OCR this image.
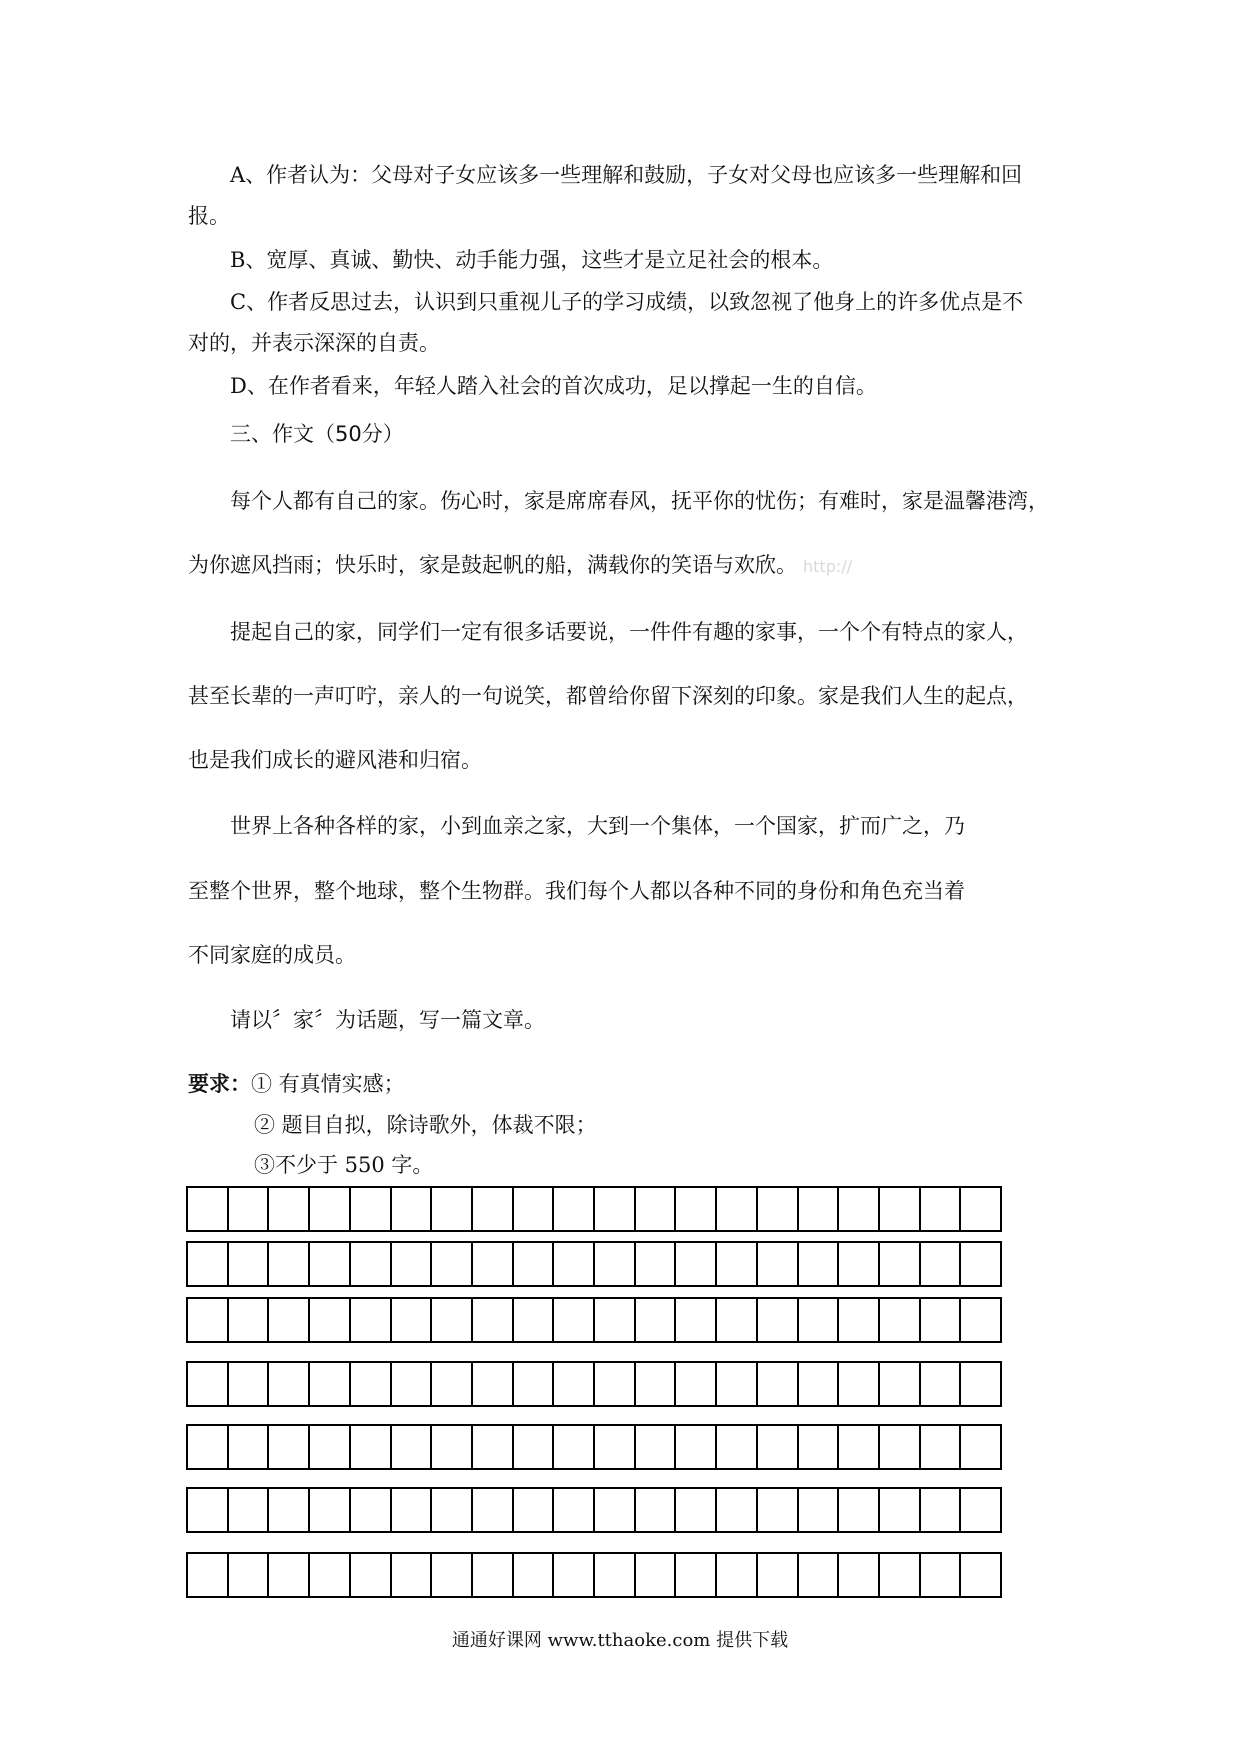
A、作者认为：父母对子女应该多一些理解和鼓励，子女对父母也应该多一些理解和回
报。
B、宽厚、真诚、勤快、动手能力强，这些才是立足社会的根本。
C、作者反思过去，认识到只重视儿子的学习成绩，以致忽视了他身上的许多优点是不
对的，并表示深深的自责。
D、在作者看来，年轻人踏入社会的首次成功，足以撑起一生的自信。
三、作文（50分）
每个人都有自己的家。伤心时，家是席席春风，抚平你的忧伤；有难时，家是温馨港湾，
为你遮风挡雨；快乐时，家是鼓起帆的船，满载你的笑语与欢欣。 http://
提起自己的家，同学们一定有很多话要说，一件件有趣的家事，一个个有特点的家人，
甚至长辈的一声叮咛，亲人的一句说笑，都曾给你留下深刻的印象。家是我们人生的起点，
也是我们成长的避风港和归宿。
世界上各种各样的家，小到血亲之家，大到一个集体，一个国家，扩而广之，乃
至整个世界，整个地球，整个生物群。我们每个人都以各种不同的身份和角色充当着
不同家庭的成员。
请以〞家〞为话题，写一篇文章。
要求：① 有真情实感；
② 题目自拟，除诗歌外，体裁不限；
③不少于 550 字。
通通好课网 www.tthaoke.com 提供下载
